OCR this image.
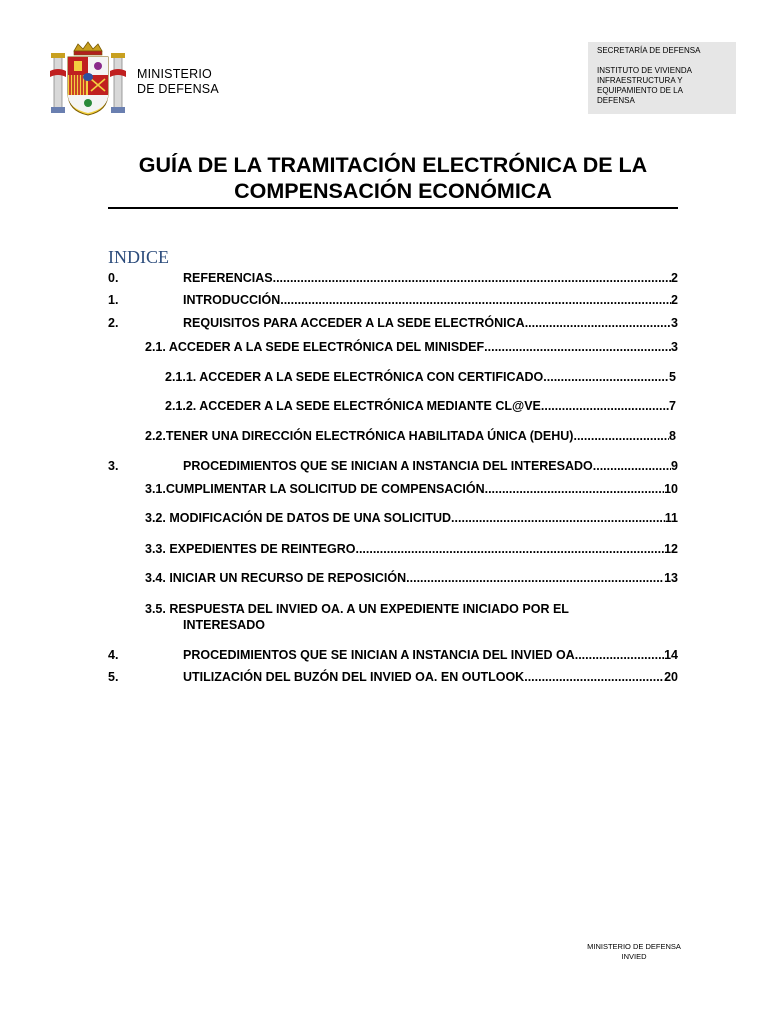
MINISTERIO
DE DEFENSA
SECRETARÍA DE DEFENSA
INSTITUTO DE VIVIENDA
INFRAESTRUCTURA Y
EQUIPAMIENTO DE LA
DEFENSA
GUÍA DE LA TRAMITACIÓN ELECTRÓNICA DE LA
COMPENSACIÓN ECONÓMICA
INDICE
0.	REFERENCIAS .....	2
1.	INTRODUCCIÓN .....	2
2.	REQUISITOS PARA ACCEDER A LA SEDE ELECTRÓNICA .....	3
2.1. ACCEDER A LA SEDE ELECTRÓNICA DEL MINISDEF .....	3
2.1.1. ACCEDER A LA SEDE ELECTRÓNICA CON CERTIFICADO .....	5
2.1.2. ACCEDER A LA SEDE ELECTRÓNICA MEDIANTE CL@VE .....	7
2.2.TENER UNA DIRECCIÓN ELECTRÓNICA HABILITADA ÚNICA (DEHU) .....	8
3.	PROCEDIMIENTOS QUE SE INICIAN A INSTANCIA DEL INTERESADO .....	9
3.1.CUMPLIMENTAR LA SOLICITUD DE COMPENSACIÓN .....	10
3.2. MODIFICACIÓN DE DATOS DE UNA SOLICITUD .....	11
3.3. EXPEDIENTES DE REINTEGRO .....	12
3.4. INICIAR UN RECURSO DE REPOSICIÓN .....	13
3.5. RESPUESTA DEL INVIED OA. A UN EXPEDIENTE INICIADO POR EL
INTERESADO
4.	PROCEDIMIENTOS QUE SE INICIAN A INSTANCIA DEL INVIED OA .....	14
5.	UTILIZACIÓN DEL BUZÓN DEL INVIED OA. EN OUTLOOK .....	20
MINISTERIO DE DEFENSA
INVIED
